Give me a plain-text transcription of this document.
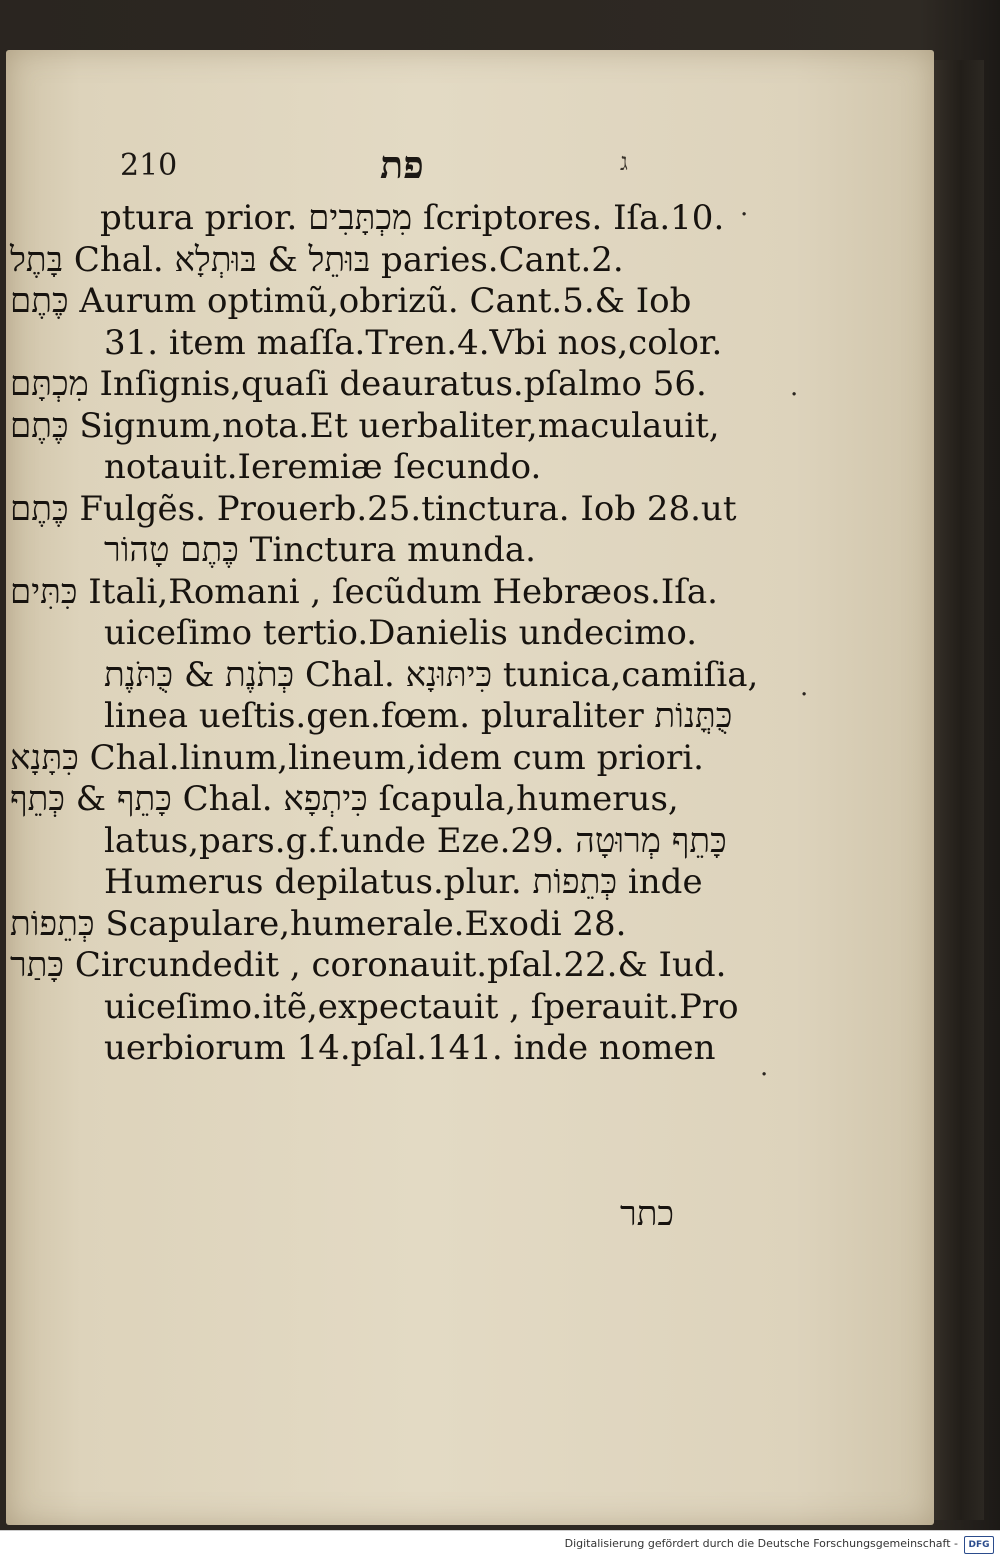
210	פת	ג
ptura prior. מִכְתָּבִים ſcriptores. Iſa.10.
בָּתֶל Chal. בּוּתֵל & בּוּתְלָא paries.Cant.2.
כֶּתֶם Aurum optimũ,obrizũ. Cant.5.& Iob
31. item maſſa.Tren.4.Vbi nos,color.
מִכְתָּם Inſignis,quaſi deauratus.pſalmo 56.
כֶּתֶם Signum,nota.Et uerbaliter,maculauit,
notauit.Ieremiæ ſecundo.
כֶּתֶם Fulgẽs. Prouerb.25.tinctura. Iob 28.ut
כֶּתֶם טָהוֹר Tinctura munda.
כִּתִּים Itali,Romani , ſecũdum Hebræos.Iſa.
uiceſimo tertio.Danielis undecimo.
כְּתֹנֶת & כֻּתֹּנֶת Chal. כִּיתּוּנָא tunica,camiſia,
linea ueſtis.gen.fœm. pluraliter כֻּתֳּנוֹת
כִּתָּנָא Chal.linum,lineum,idem cum priori.
כָּתֵף & כְּתֵף Chal. כִּיתְפָא ſcapula,humerus,
latus,pars.g.f.unde Eze.29. כָּתֵף מְרוּטָה
Humerus depilatus.plur. כְּתֵפוֹת inde
כְּתֵפוֹת Scapulare,humerale.Exodi 28.
כָּתַר Circundedit , coronauit.pſal.22.& Iud.
uiceſimo.itẽ,expectauit , ſperauit.Pro
uerbiorum 14.pſal.141. inde nomen
כתר
·
·
·
·
Digitalisierung gefördert durch die Deutsche Forschungsgemeinschaft -	DFG
